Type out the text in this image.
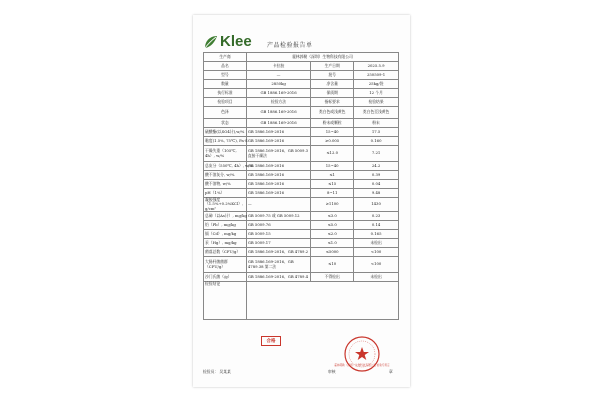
Klee	产品检验报告单
生产商	霍林郭勒（深圳）生物科技有限公司		
品名	卡拉胶	生产日期	2025.5.9
型号	—	批号	250509-1
数量	2850kg	净含量	25kg/袋
执行标准	GB 1886.169-2016	保质期	12 个月
检验项目	检验方法	指标要求	检验结果
色泽	GB 1886.169-2016	类白色或浅黄色	类白色至浅黄色
状态	GB 1886.169-2016	粉末或颗粒	粉末
硫酸酯(以SO4计),w/%	GB 1886.169-2016	15~40	17.5
黏度(1.5%, 75℃), Pa·S	GB 1886.169-2016	≥0.005	0.160
干燥失重（105℃, 4h）, w/%	GB 1886.169-2016、GB 5009.3 直接干燥法	≤12.0	7.21
总灰分（550℃, 4h）, w/%	GB 1886.169-2016	15~40	24.2
酸不溶灰分, w/%	GB 1886.169-2016	≤1	0.39
酸不溶物, w/%	GB 1886.169-2016	≤15	0.04
pH（1%）	GB 1886.169-2016	8~11	9.48
凝胶强度（1.5%+0.2%KCl）, g/cm²	—	≥1100	1430
总砷（以As计）, mg/kg	GB 5009.75 或 GB 5009.12	≤3.0	0.23
铅（Pb）, mg/kg	GB 5009.76	≤5.0	0.14
镉（Cd）, mg/kg	GB 5009.15	≤2.0	0.165
汞（Hg）, mg/kg	GB 5009.17	≤1.0	未检出
菌落总数（CFU/g）	GB 1886.169-2016、GB 4789.2	≤5000	<100
大肠杆菌菌群（CFU/g）	GB 1886.169-2016、GB 4789.38 第二法	≤10	<100
沙门氏菌（/g）	GB 1886.169-2016、GB 4789.4	不得检出	未检出
检验结论			
合格
霍林郭勒（深圳）生物科技有限公司 检验专用章
检验员： 吴某某	审核	章
